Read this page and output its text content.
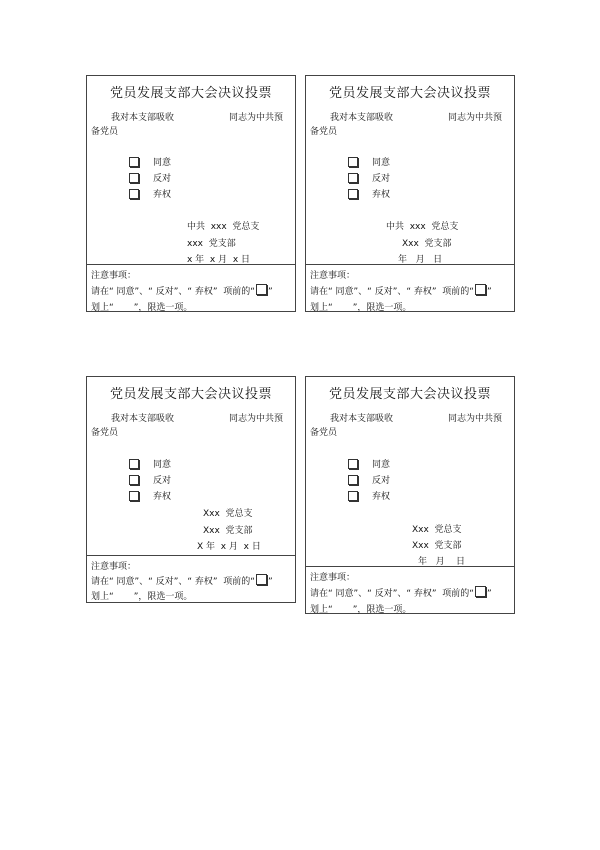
党员发展支部大会决议投票
我对本支部吸收	同志为中共预
备党员
同意
反对
弃权
中共  xxx  党总支
xxx  党支部
x 年  x 月  x 日
注意事项：
请在“ 同意”、“ 反对”、“ 弃权”  项前的“ ”
划上“       ”，限选一项。
党员发展支部大会决议投票
我对本支部吸收	同志为中共预
备党员
同意
反对
弃权
中共  xxx  党总支
Xxx  党支部
年   月   日
注意事项：
请在“ 同意”、“ 反对”、“ 弃权”  项前的“ ”
划上“       ”，限选一项。
党员发展支部大会决议投票
我对本支部吸收	同志为中共预
备党员
同意
反对
弃权
Xxx  党总支
Xxx  党支部
X 年  x 月  x 日
注意事项：
请在“ 同意”、“ 反对”、“ 弃权”  项前的“ ”
划上“       ”，限选一项。
党员发展支部大会决议投票
我对本支部吸收	同志为中共预
备党员
同意
反对
弃权
Xxx  党总支
Xxx  党支部
年   月    日
注意事项：
请在“ 同意”、“ 反对”、“ 弃权”  项前的“ ”
划上“       ”，限选一项。
